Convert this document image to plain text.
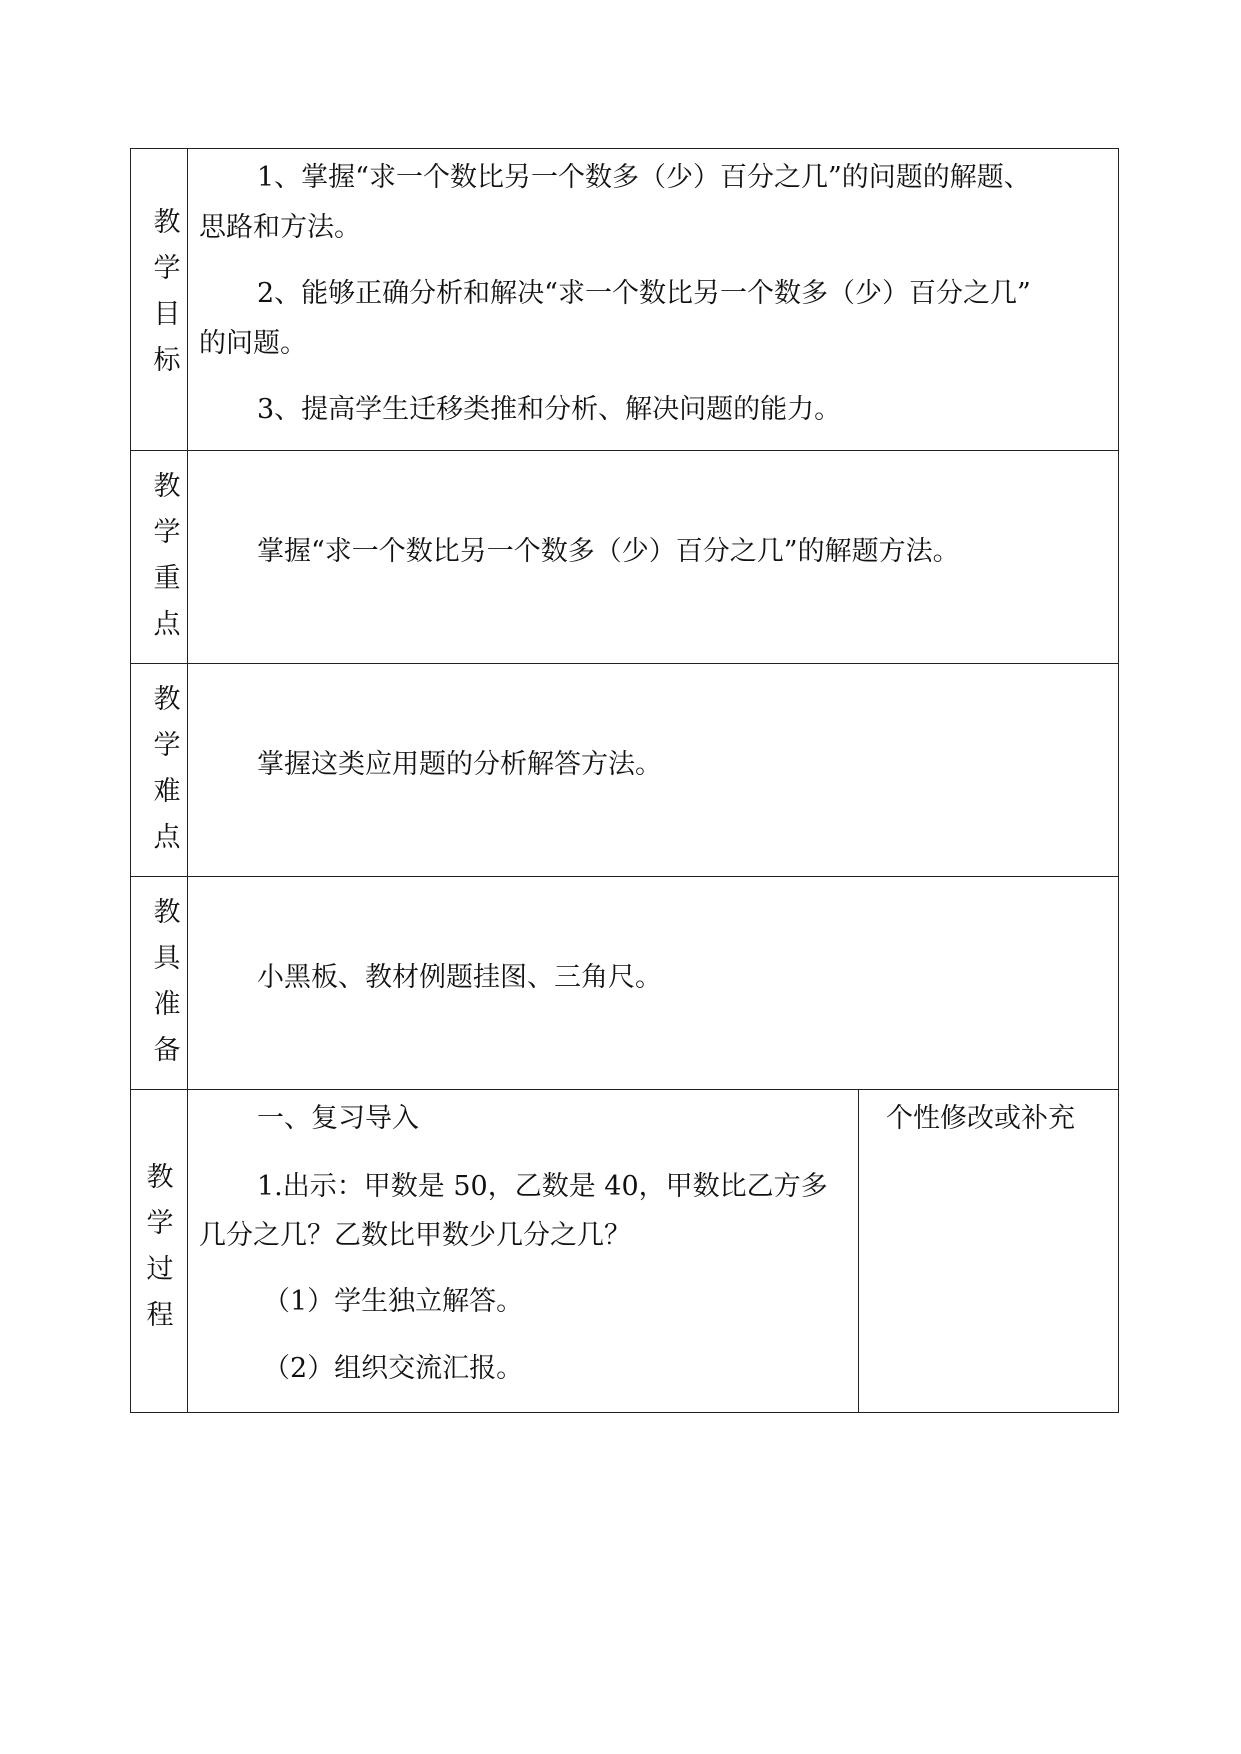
教
学
目
标
1、掌握“求一个数比另一个数多（少）百分之几”的问题的解题、
思路和方法。
2、能够正确分析和解决“求一个数比另一个数多（少）百分之几”
的问题。
3、提高学生迁移类推和分析、解决问题的能力。
教
学
重
点
掌握“求一个数比另一个数多（少）百分之几”的解题方法。
教
学
难
点
掌握这类应用题的分析解答方法。
教
具
准
备
小黑板、教材例题挂图、三角尺。
教
学
过
程
一、复习导入
1.出示：甲数是 50，乙数是 40，甲数比乙方多
几分之几？乙数比甲数少几分之几？
（1）学生独立解答。
（2）组织交流汇报。
个性修改或补充
